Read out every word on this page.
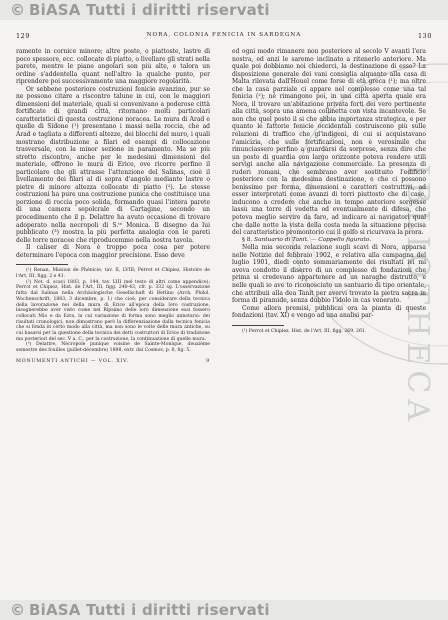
© BiASA Tutti i diritti riservati
IBLIOTHECA
129	NORA, COLONIA FENICIA IN SARDEGNA	130

ramente in cornice minore; altre poste, o piattoste, lastre di poco spessore, ecc. collocate di piatto, o livellare gli strati nella parete, mentre le piane angolari son più alte, e talora un ordine s'addentella quant nell'altro la qualche punto, per riprendere poi successivamente una maggiore regolarità.

Or sebbene posteriore costruzioni fenicie avanzino, pur se ne possono citare a riscontro talune in cui, con le maggiori dimensioni del materiale, quali si convenivano a poderose città fortificate di grandi città, ritornano molti particolari caratteristici di questa costruzione noracea. Le mura di Arad e quelle di Sidone (¹) presentano i massi nella roccia, che ad Arad e tagliata a differenti altezze, dei blocchi del muro, i quali mostrano distribuzione a filari ed esempi di collocazione trasversale, con la minor sezione in paramento. Ma se più stretto riscontro, anche per le medesimi dimensioni del materiale, offrono le mura di Erice, ove ricorre perfino il particolare che gli attrasse l'attenzione del Salinas, cioè il livellamento dei filari al di sopra d'angolo mediante lastre o pietre di minore altezza collocate di piatto (²). Le stesse costruzioni ha pure una costruzione punica che costituisce una porzione di roccia poco solida, formando quasi l'intera parete di una camera sepolcrale di Cartagine, secondo un procedimento che il p. Delattre ha avuto occasione di trovare adoperato nella necropoli di S.ᵗᵉ Monica. Il disegno da lui pubblicato (³) mostra la più perfetta analogia con le pareti delle torre noracee che riproducemmo nella nostra tavola.

Il caliser di Nora è troppo poca cosa per potere determinare l'epoca con maggior precisione. Esso deve

(¹) Renan, Mission de Phénicie, tav. II, LVIII; Perrot et Chipiez, Histoire de l'Art, III, figg. 2 e 41.

(²) Not. d. scavi 1883, p. 144, tav. LIII (nel testo di altri come appendice); Perrot et Chipiez, Hist. de l'Art, III, figg. 240-43, cfr. p. 332 sg. L'osservazione fatta dal Salinas nella Archäologische Gesellschaft di Berlino (Arch. Philol. Wochenschrift, 1883, 3 dicembre, p. 1) che cioè, per considerare della tecnica della lavorazione nei della mura di Erice all'epoca della loro costruzione, bisognerebbe aver visto come nel Ripsimo delle loro dimensione essi fossero collocati Mio e da Ezra, la cui variazione di forma sono meglio annotarsi: dei risultati cronologici, non dimostrano però la differenziazione dalla tecnica fenicia che si fonda in certo modo alla città, ma non sono le volte delle mura antiche, su cui basarsi per la questione della tecnica dei detti costruttori di Erice di tradizione ma posteriori del sec. V a. C., per la costruzione, la continuazione di quelle mura.

(³) Delattre, Nécropole punique voisine de Sainte-Monique, deuxième semestre des fouilles (juillet-décembre) 1898, extr. dal Cosmos, p. 8, fig. 5.

MONUMENTI ANTICHI — VOL. XIV.	9

ed ogni modo rimanere non posteriore al secolo V avanti l'era nostra, ed anzi le saremo inclinato a ritenerlo anteriore. Ma quale poi dobbiamo noi chiederci, la destinazione di esso? La disposizione generale dei vani consiglia alquanto alla casa di Malta rilevata dall'Houel come forse di età greca (¹); ma oltre che la casa parziale ci appare nel complesso come una tal fenicia (²); né rimangono poi, in una città aperta quale era Nora, il trovare un'abitazione privata forti dei vero pertinente alla città, sopra una amena collinetta con vista incantevole. Se non che quel posto il si che abbia importanza strategica, e per quanto le fattorie fenicie occidentali costruiscono più sulle relazioni di traffico che gl'indigeni, di cui si acquistavano l'amicizia, che sulle fortificazioni, non è verosimile che rinunciassero perfino a guardarsi da sorprese, senza dire che un posto di guardia con largo orizzonte poteva rendere utili servigi anche alla navigazione commerciale. La presenza di ruderi romani, che sembrano aver sostituito l'edificio posteriore con la medesima destinazione, e che ci possono benissimo per forma, dimensioni e caratteri costruttivi, ad esser interpretati come avanzi di torri piuttosto che di case, inducono a credere che anche in tempo anteriore sorgesse lassù una torre di vedetta od eventualmente di difesa, che poteva meglio servire da faro, ad indicare ai navigatori qual che dalle notte la vista della costa meda la situazione precisa del caratteristico promontorio cui il golfo si ricurvava la prora.

§ 8. Santuario di Tanit. — Cappello figurato.

Nella mia seconda relazione sugli scavi di Nora, apparsa nelle Notizie del febbraio 1902, e relativa alla campagna del luglio 1901, diedi conto sommariamente dei risultati ivi mi aveva condotto il diserro di un complesso di fondazioni che prima si credevano appartenere ad un naraghe distrutto, e nelle quali io ave to riconosciuto un santuario di tipo orientale, che attribuii alla dea Tanit per avervi trovato la pietra sacra in forma di piramide, senza dubbio l'idolo in cas venerato.

Come allora premisi, pubblicai ora la pianta di queste fondazioni (tav. XI) e vengo ad una analisi par-

(¹) Perrot et Chipiez, Hist. de l'Art, III, figg. 269, 261.

© BiASA Tutti i diritti riservati
